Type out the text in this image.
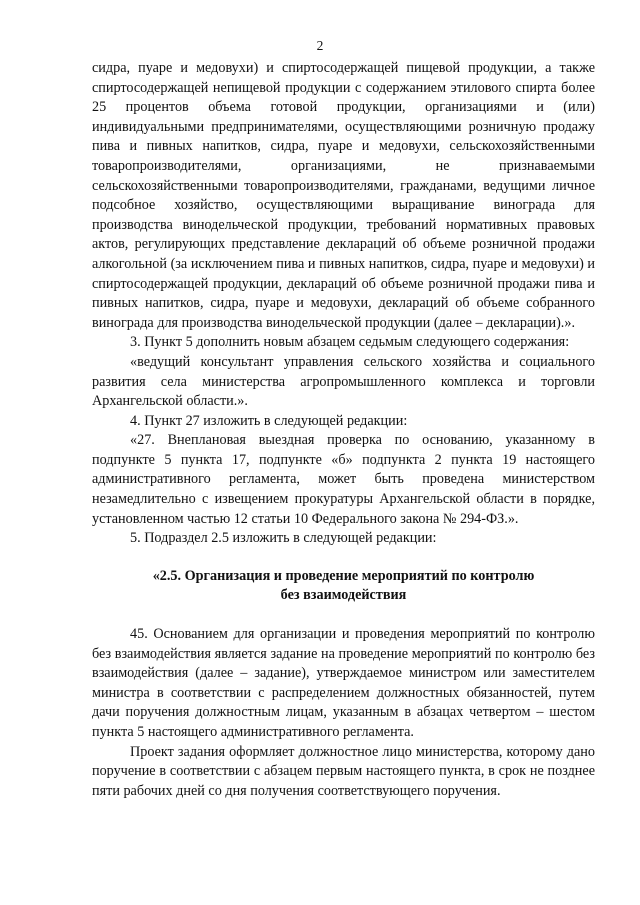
2

сидра, пуаре и медовухи) и спиртосодержащей пищевой продукции, а также спиртосодержащей непищевой продукции с содержанием этилового спирта более 25 процентов объема готовой продукции, организациями и (или) индивидуальными предпринимателями, осуществляющими розничную продажу пива и пивных напитков, сидра, пуаре и медовухи, сельскохозяйственными товаропроизводителями, организациями, не признаваемыми сельскохозяйственными товаропроизводителями, гражданами, ведущими личное подсобное хозяйство, осуществляющими выращивание винограда для производства винодельческой продукции, требований нормативных правовых актов, регулирующих представление деклараций об объеме розничной продажи алкогольной (за исключением пива и пивных напитков, сидра, пуаре и медовухи) и спиртосодержащей продукции, деклараций об объеме розничной продажи пива и пивных напитков, сидра, пуаре и медовухи, деклараций об объеме собранного винограда для производства винодельческой продукции (далее – декларации).».

3. Пункт 5 дополнить новым абзацем седьмым следующего содержания:

«ведущий консультант управления сельского хозяйства и социального развития села министерства агропромышленного комплекса и торговли Архангельской области.».

4. Пункт 27 изложить в следующей редакции:

«27. Внеплановая выездная проверка по основанию, указанному в подпункте 5 пункта 17, подпункте «б» подпункта 2 пункта 19 настоящего административного регламента, может быть проведена министерством незамедлительно с извещением прокуратуры Архангельской области в порядке, установленном частью 12 статьи 10 Федерального закона № 294-ФЗ.».

5. Подраздел 2.5 изложить в следующей редакции:

«2.5. Организация и проведение мероприятий по контролю
без взаимодействия

45. Основанием для организации и проведения мероприятий по контролю без взаимодействия является задание на проведение мероприятий по контролю без взаимодействия (далее – задание), утверждаемое министром или заместителем министра в соответствии с распределением должностных обязанностей, путем дачи поручения должностным лицам, указанным в абзацах четвертом – шестом пункта 5 настоящего административного регламента.

Проект задания оформляет должностное лицо министерства, которому дано поручение в соответствии с абзацем первым настоящего пункта, в срок не позднее пяти рабочих дней со дня получения соответствующего поручения.
